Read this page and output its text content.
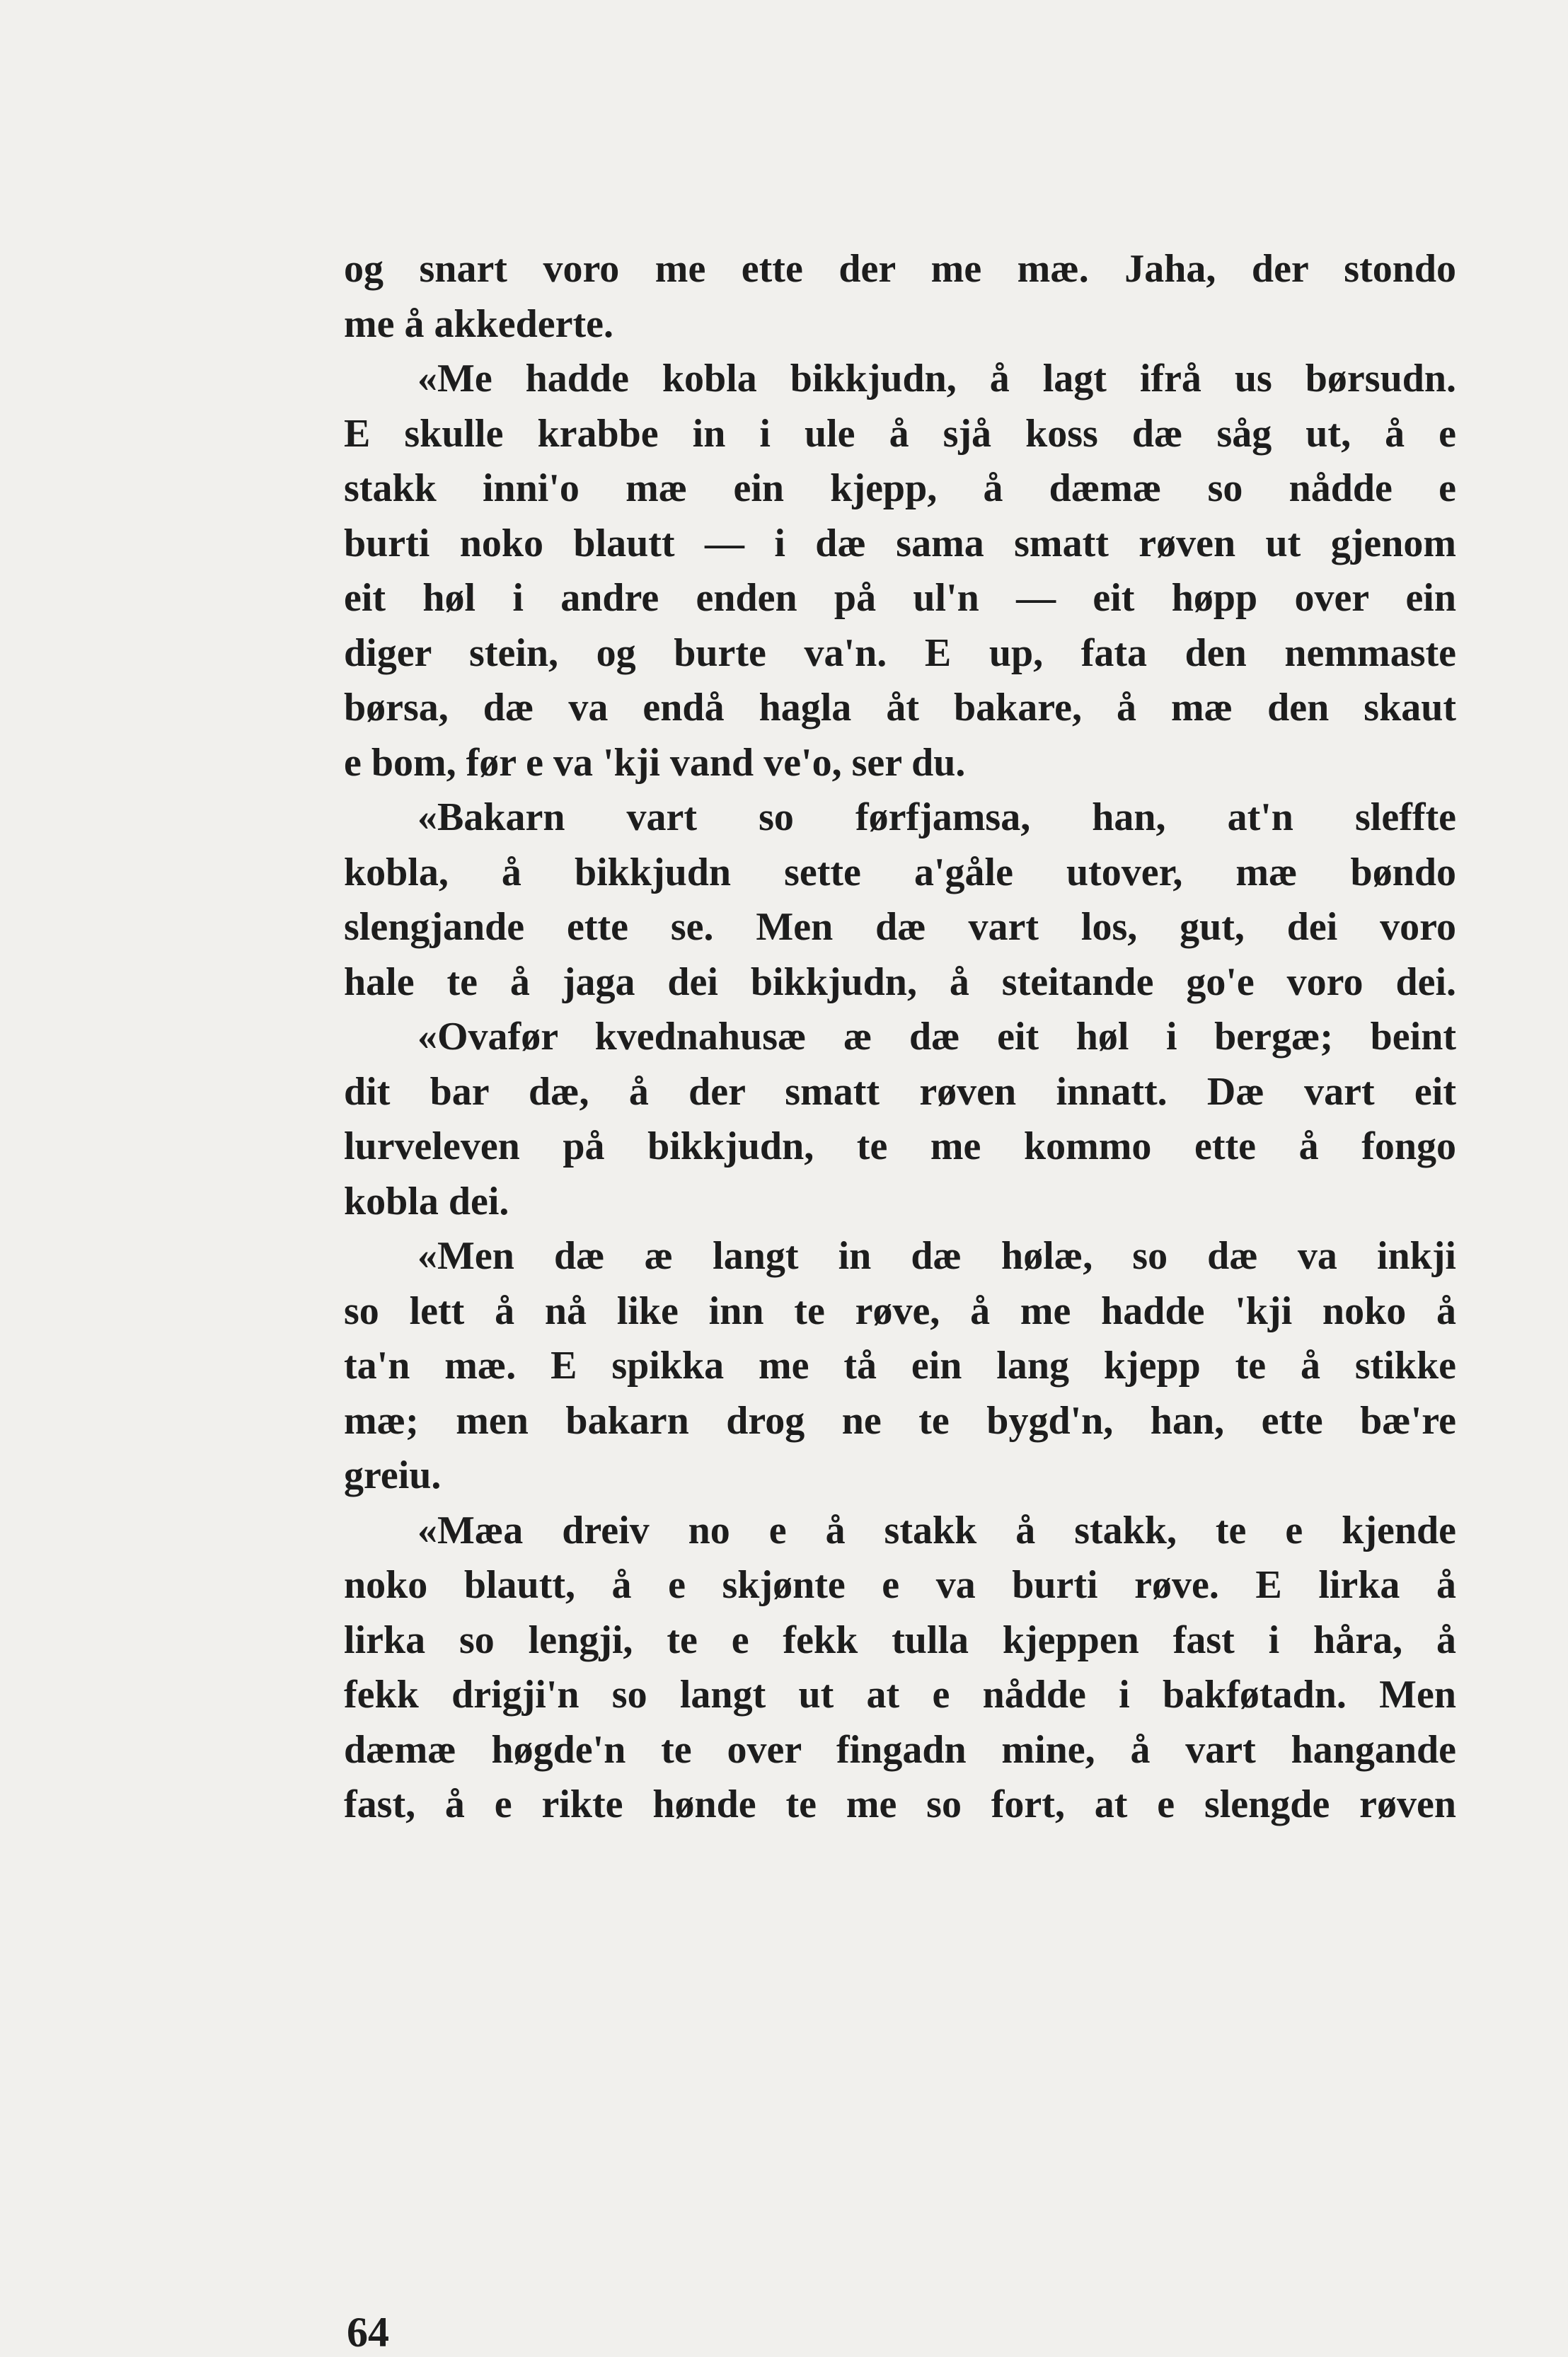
og snart voro me ette der me mæ. Jaha, der stondo
me å akkederte.
«Me hadde kobla bikkjudn, å lagt ifrå us børsudn.
E skulle krabbe in i ule å sjå koss dæ såg ut, å e
stakk inni'o mæ ein kjepp, å dæmæ so nådde e
burti noko blautt — i dæ sama smatt røven ut gjenom
eit høl i andre enden på ul'n — eit høpp over ein
diger stein, og burte va'n. E up, fata den nemmaste
børsa, dæ va endå hagla åt bakare, å mæ den skaut
e bom, før e va 'kji vand ve'o, ser du.
«Bakarn vart so førfjamsa, han, at'n sleffte
kobla, å bikkjudn sette a'gåle utover, mæ bøndo
slengjande ette se. Men dæ vart los, gut, dei voro
hale te å jaga dei bikkjudn, å steitande go'e voro dei.
«Ovafør kvednahusæ æ dæ eit høl i bergæ; beint
dit bar dæ, å der smatt røven innatt. Dæ vart eit
lurveleven på bikkjudn, te me kommo ette å fongo
kobla dei.
«Men dæ æ langt in dæ hølæ, so dæ va inkji
so lett å nå like inn te røve, å me hadde 'kji noko å
ta'n mæ. E spikka me tå ein lang kjepp te å stikke
mæ; men bakarn drog ne te bygd'n, han, ette bæ're
greiu.
«Mæa dreiv no e å stakk å stakk, te e kjende
noko blautt, å e skjønte e va burti røve. E lirka å
lirka so lengji, te e fekk tulla kjeppen fast i håra, å
fekk drigji'n so langt ut at e nådde i bakføtadn. Men
dæmæ høgde'n te over fingadn mine, å vart hangande
fast, å e rikte hønde te me so fort, at e slengde røven
64
